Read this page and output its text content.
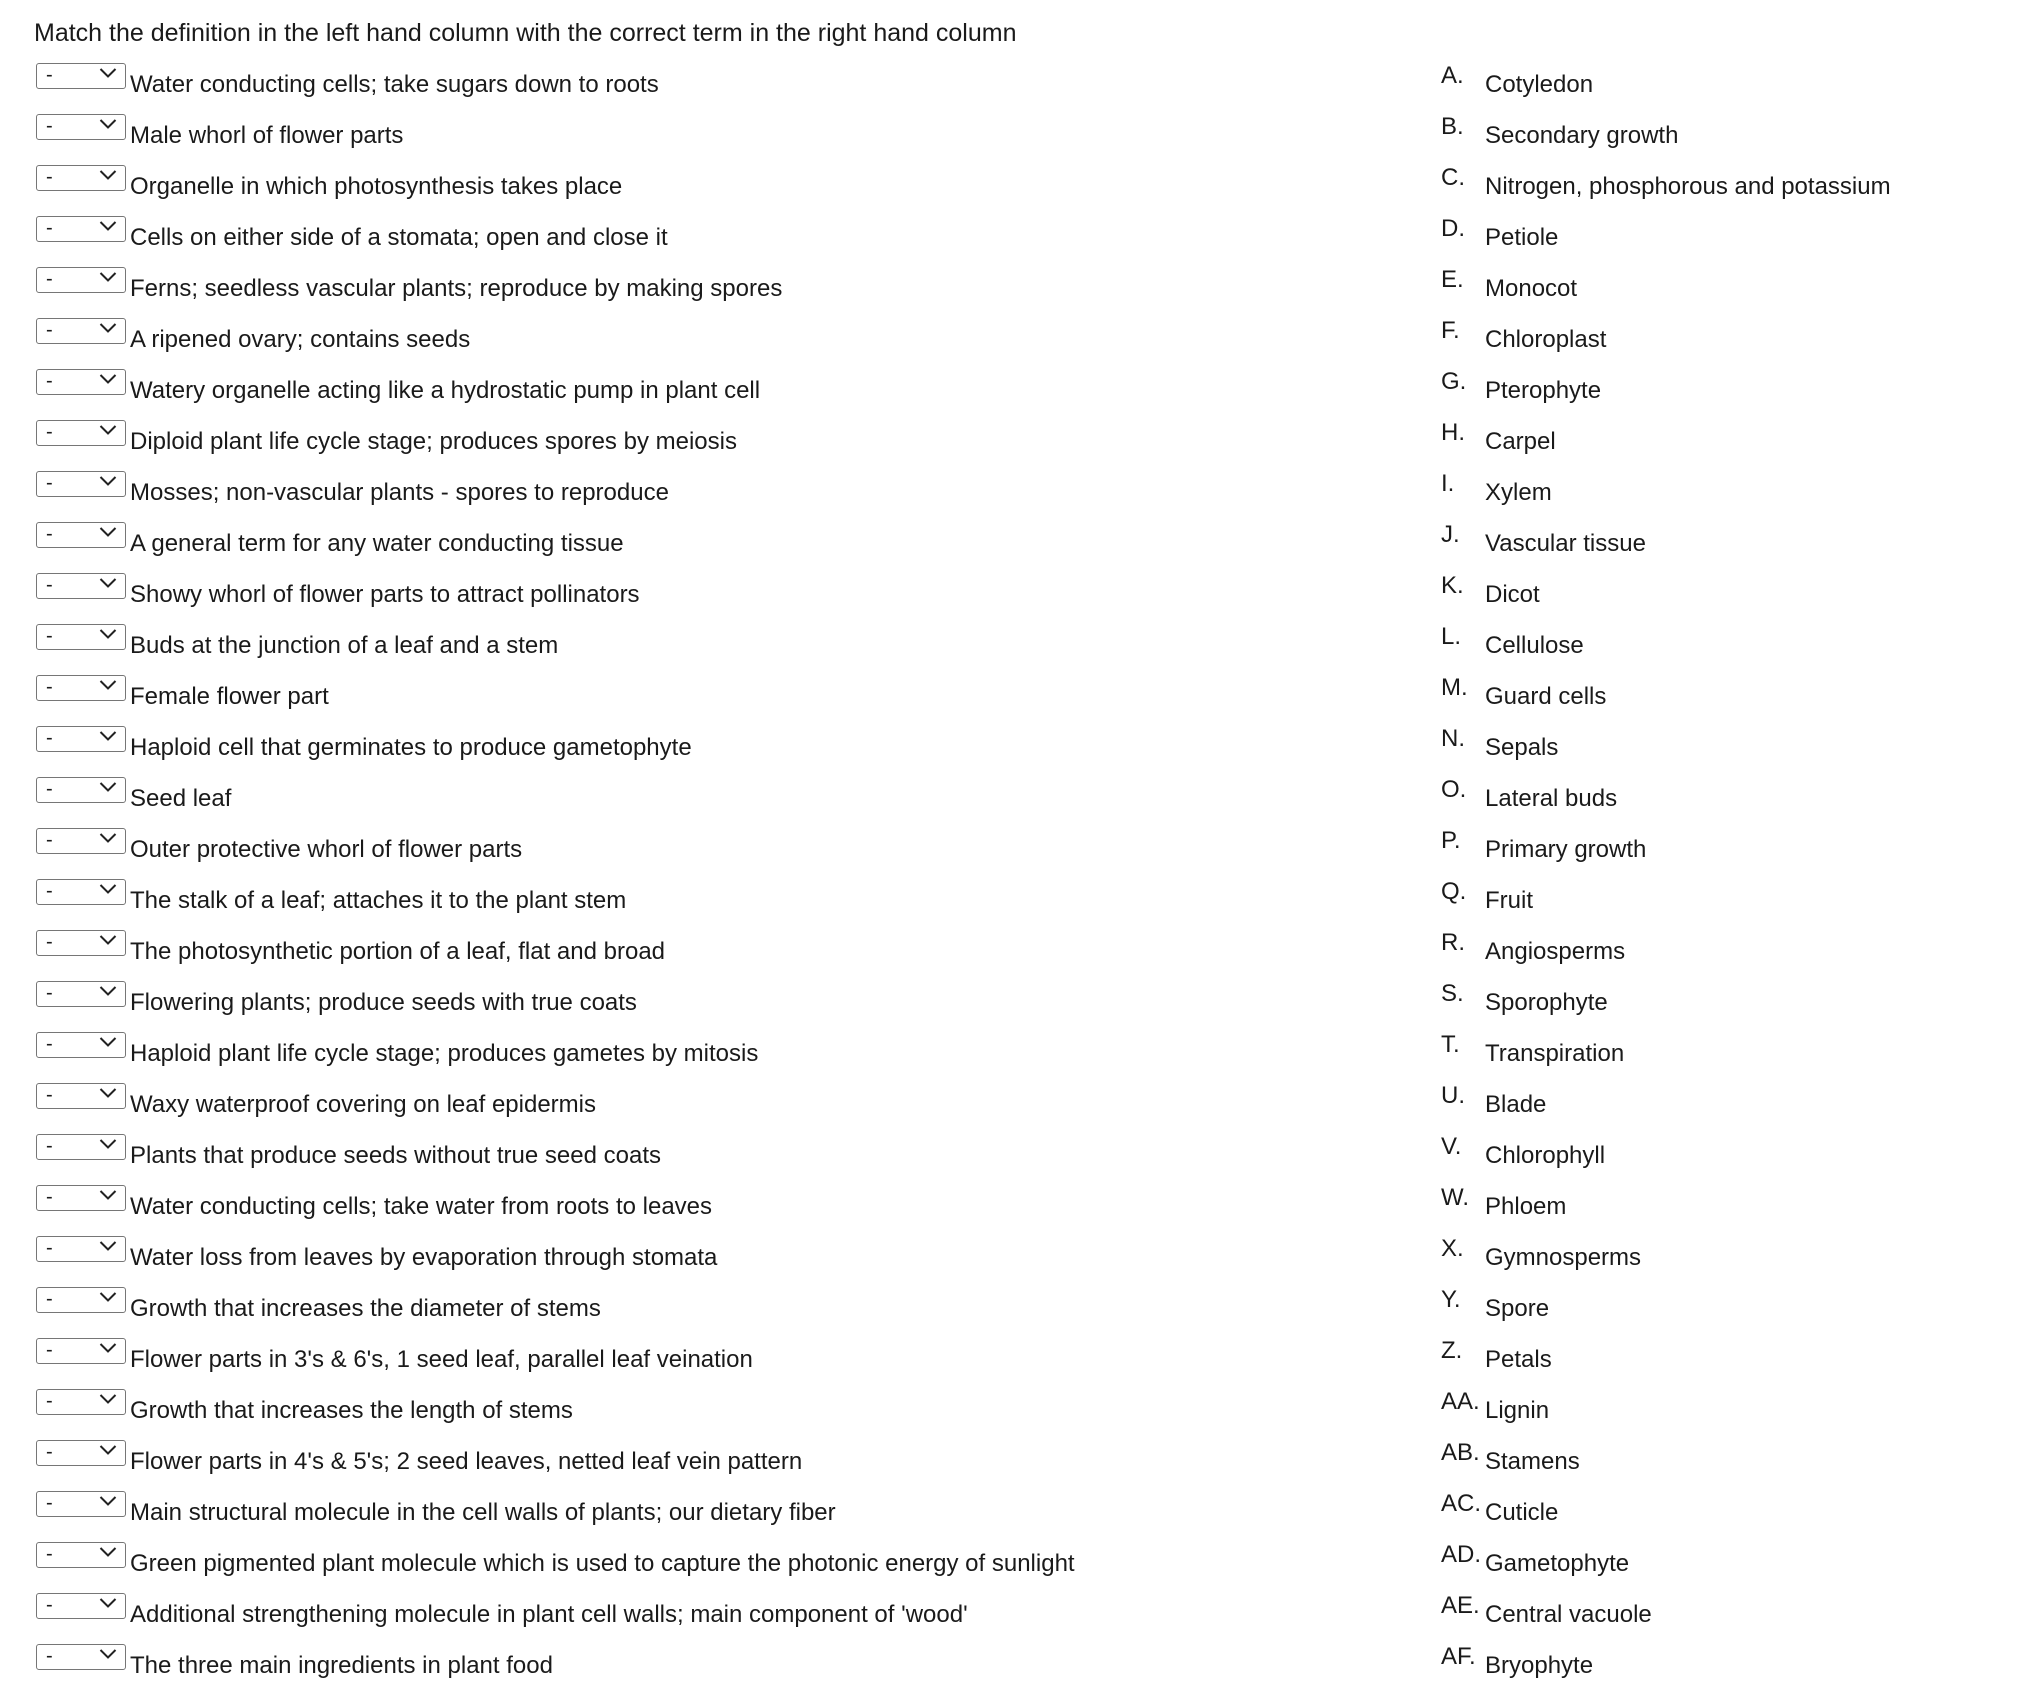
Match the definition in the left hand column with the correct term in the right hand column
-	Water conducting cells; take sugars down to roots
-	Male whorl of flower parts
-	Organelle in which photosynthesis takes place
-	Cells on either side of a stomata; open and close it
-	Ferns; seedless vascular plants; reproduce by making spores
-	A ripened ovary; contains seeds
-	Watery organelle acting like a hydrostatic pump in plant cell
-	Diploid plant life cycle stage; produces spores by meiosis
-	Mosses; non-vascular plants - spores to reproduce
-	A general term for any water conducting tissue
-	Showy whorl of flower parts to attract pollinators
-	Buds at the junction of a leaf and a stem
-	Female flower part
-	Haploid cell that germinates to produce gametophyte
-	Seed leaf
-	Outer protective whorl of flower parts
-	The stalk of a leaf; attaches it to the plant stem
-	The photosynthetic portion of a leaf, flat and broad
-	Flowering plants; produce seeds with true coats
-	Haploid plant life cycle stage; produces gametes by mitosis
-	Waxy waterproof covering on leaf epidermis
-	Plants that produce seeds without true seed coats
-	Water conducting cells; take water from roots to leaves
-	Water loss from leaves by evaporation through stomata
-	Growth that increases the diameter of stems
-	Flower parts in 3's & 6's, 1 seed leaf, parallel leaf veination
-	Growth that increases the length of stems
-	Flower parts in 4's & 5's; 2 seed leaves, netted leaf vein pattern
-	Main structural molecule in the cell walls of plants; our dietary fiber
-	Green pigmented plant molecule which is used to capture the photonic energy of sunlight
-	Additional strengthening molecule in plant cell walls; main component of 'wood'
-	The three main ingredients in plant food
A. Cotyledon
B. Secondary growth
C. Nitrogen, phosphorous and potassium
D. Petiole
E. Monocot
F. Chloroplast
G. Pterophyte
H. Carpel
I. Xylem
J. Vascular tissue
K. Dicot
L. Cellulose
M. Guard cells
N. Sepals
O. Lateral buds
P. Primary growth
Q. Fruit
R. Angiosperms
S. Sporophyte
T. Transpiration
U. Blade
V. Chlorophyll
W. Phloem
X. Gymnosperms
Y. Spore
Z. Petals
AA. Lignin
AB. Stamens
AC. Cuticle
AD. Gametophyte
AE. Central vacuole
AF. Bryophyte
